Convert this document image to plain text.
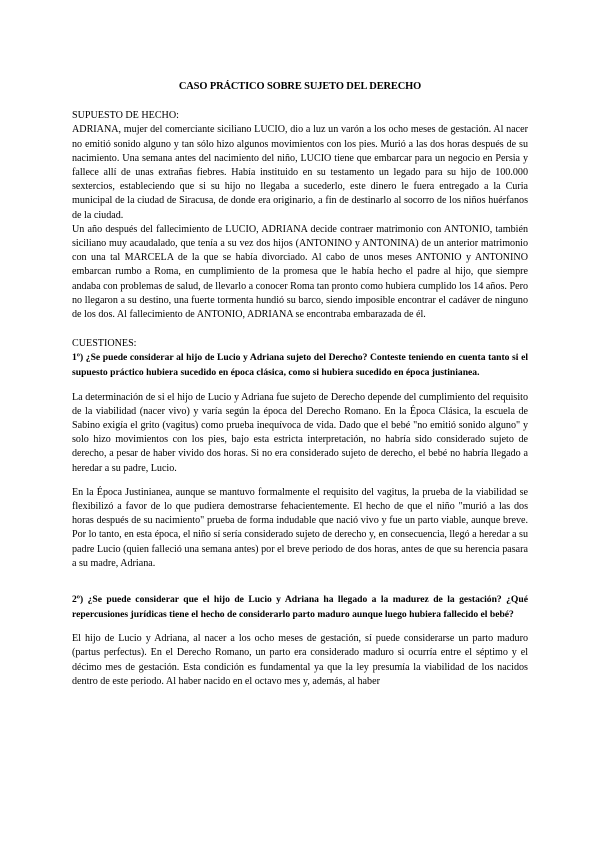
CASO PRÁCTICO SOBRE SUJETO DEL DERECHO
SUPUESTO DE HECHO:

ADRIANA, mujer del comerciante siciliano LUCIO, dio a luz un varón a los ocho meses de gestación. Al nacer no emitió sonido alguno y tan sólo hizo algunos movimientos con los pies. Murió a las dos horas después de su nacimiento. Una semana antes del nacimiento del niño, LUCIO tiene que embarcar para un negocio en Persia y fallece allí de unas extrañas fiebres. Había instituido en su testamento un legado para su hijo de 100.000 sextercios, estableciendo que si su hijo no llegaba a sucederlo, este dinero le fuera entregado a la Curia municipal de la ciudad de Siracusa, de donde era originario, a fin de destinarlo al socorro de los niños huérfanos de la ciudad.

Un año después del fallecimiento de LUCIO, ADRIANA decide contraer matrimonio con ANTONIO, también siciliano muy acaudalado, que tenía a su vez dos hijos (ANTONINO y ANTONINA) de un anterior matrimonio con una tal MARCELA de la que se había divorciado. Al cabo de unos meses ANTONIO y ANTONINO embarcan rumbo a Roma, en cumplimiento de la promesa que le había hecho el padre al hijo, que siempre andaba con problemas de salud, de llevarlo a conocer Roma tan pronto como hubiera cumplido los 14 años. Pero no llegaron a su destino, una fuerte tormenta hundió su barco, siendo imposible encontrar el cadáver de ninguno de los dos. Al fallecimiento de ANTONIO, ADRIANA se encontraba embarazada de él.

CUESTIONES:

1º) ¿Se puede considerar al hijo de Lucio y Adriana sujeto del Derecho? Conteste teniendo en cuenta tanto si el supuesto práctico hubiera sucedido en época clásica, como si hubiera sucedido en época justinianea.

La determinación de si el hijo de Lucio y Adriana fue sujeto de Derecho depende del cumplimiento del requisito de la viabilidad (nacer vivo) y varía según la época del Derecho Romano. En la Época Clásica, la escuela de Sabino exigía el grito (vagitus) como prueba inequívoca de vida. Dado que el bebé "no emitió sonido alguno" y solo hizo movimientos con los pies, bajo esta estricta interpretación, no habría sido considerado sujeto de derecho, a pesar de haber vivido dos horas. Si no era considerado sujeto de derecho, el bebé no habría llegado a heredar a su padre, Lucio.

En la Época Justinianea, aunque se mantuvo formalmente el requisito del vagitus, la prueba de la viabilidad se flexibilizó a favor de lo que pudiera demostrarse fehacientemente. El hecho de que el niño "murió a las dos horas después de su nacimiento" prueba de forma indudable que nació vivo y fue un parto viable, aunque breve. Por lo tanto, en esta época, el niño sí sería considerado sujeto de derecho y, en consecuencia, llegó a heredar a su padre Lucio (quien falleció una semana antes) por el breve periodo de dos horas, antes de que su herencia pasara a su madre, Adriana.

2º) ¿Se puede considerar que el hijo de Lucio y Adriana ha llegado a la madurez de la gestación? ¿Qué repercusiones jurídicas tiene el hecho de considerarlo parto maduro aunque luego hubiera fallecido el bebé?

El hijo de Lucio y Adriana, al nacer a los ocho meses de gestación, sí puede considerarse un parto maduro (partus perfectus). En el Derecho Romano, un parto era considerado maduro si ocurría entre el séptimo y el décimo mes de gestación. Esta condición es fundamental ya que la ley presumía la viabilidad de los nacidos dentro de este periodo. Al haber nacido en el octavo mes y, además, al haber
